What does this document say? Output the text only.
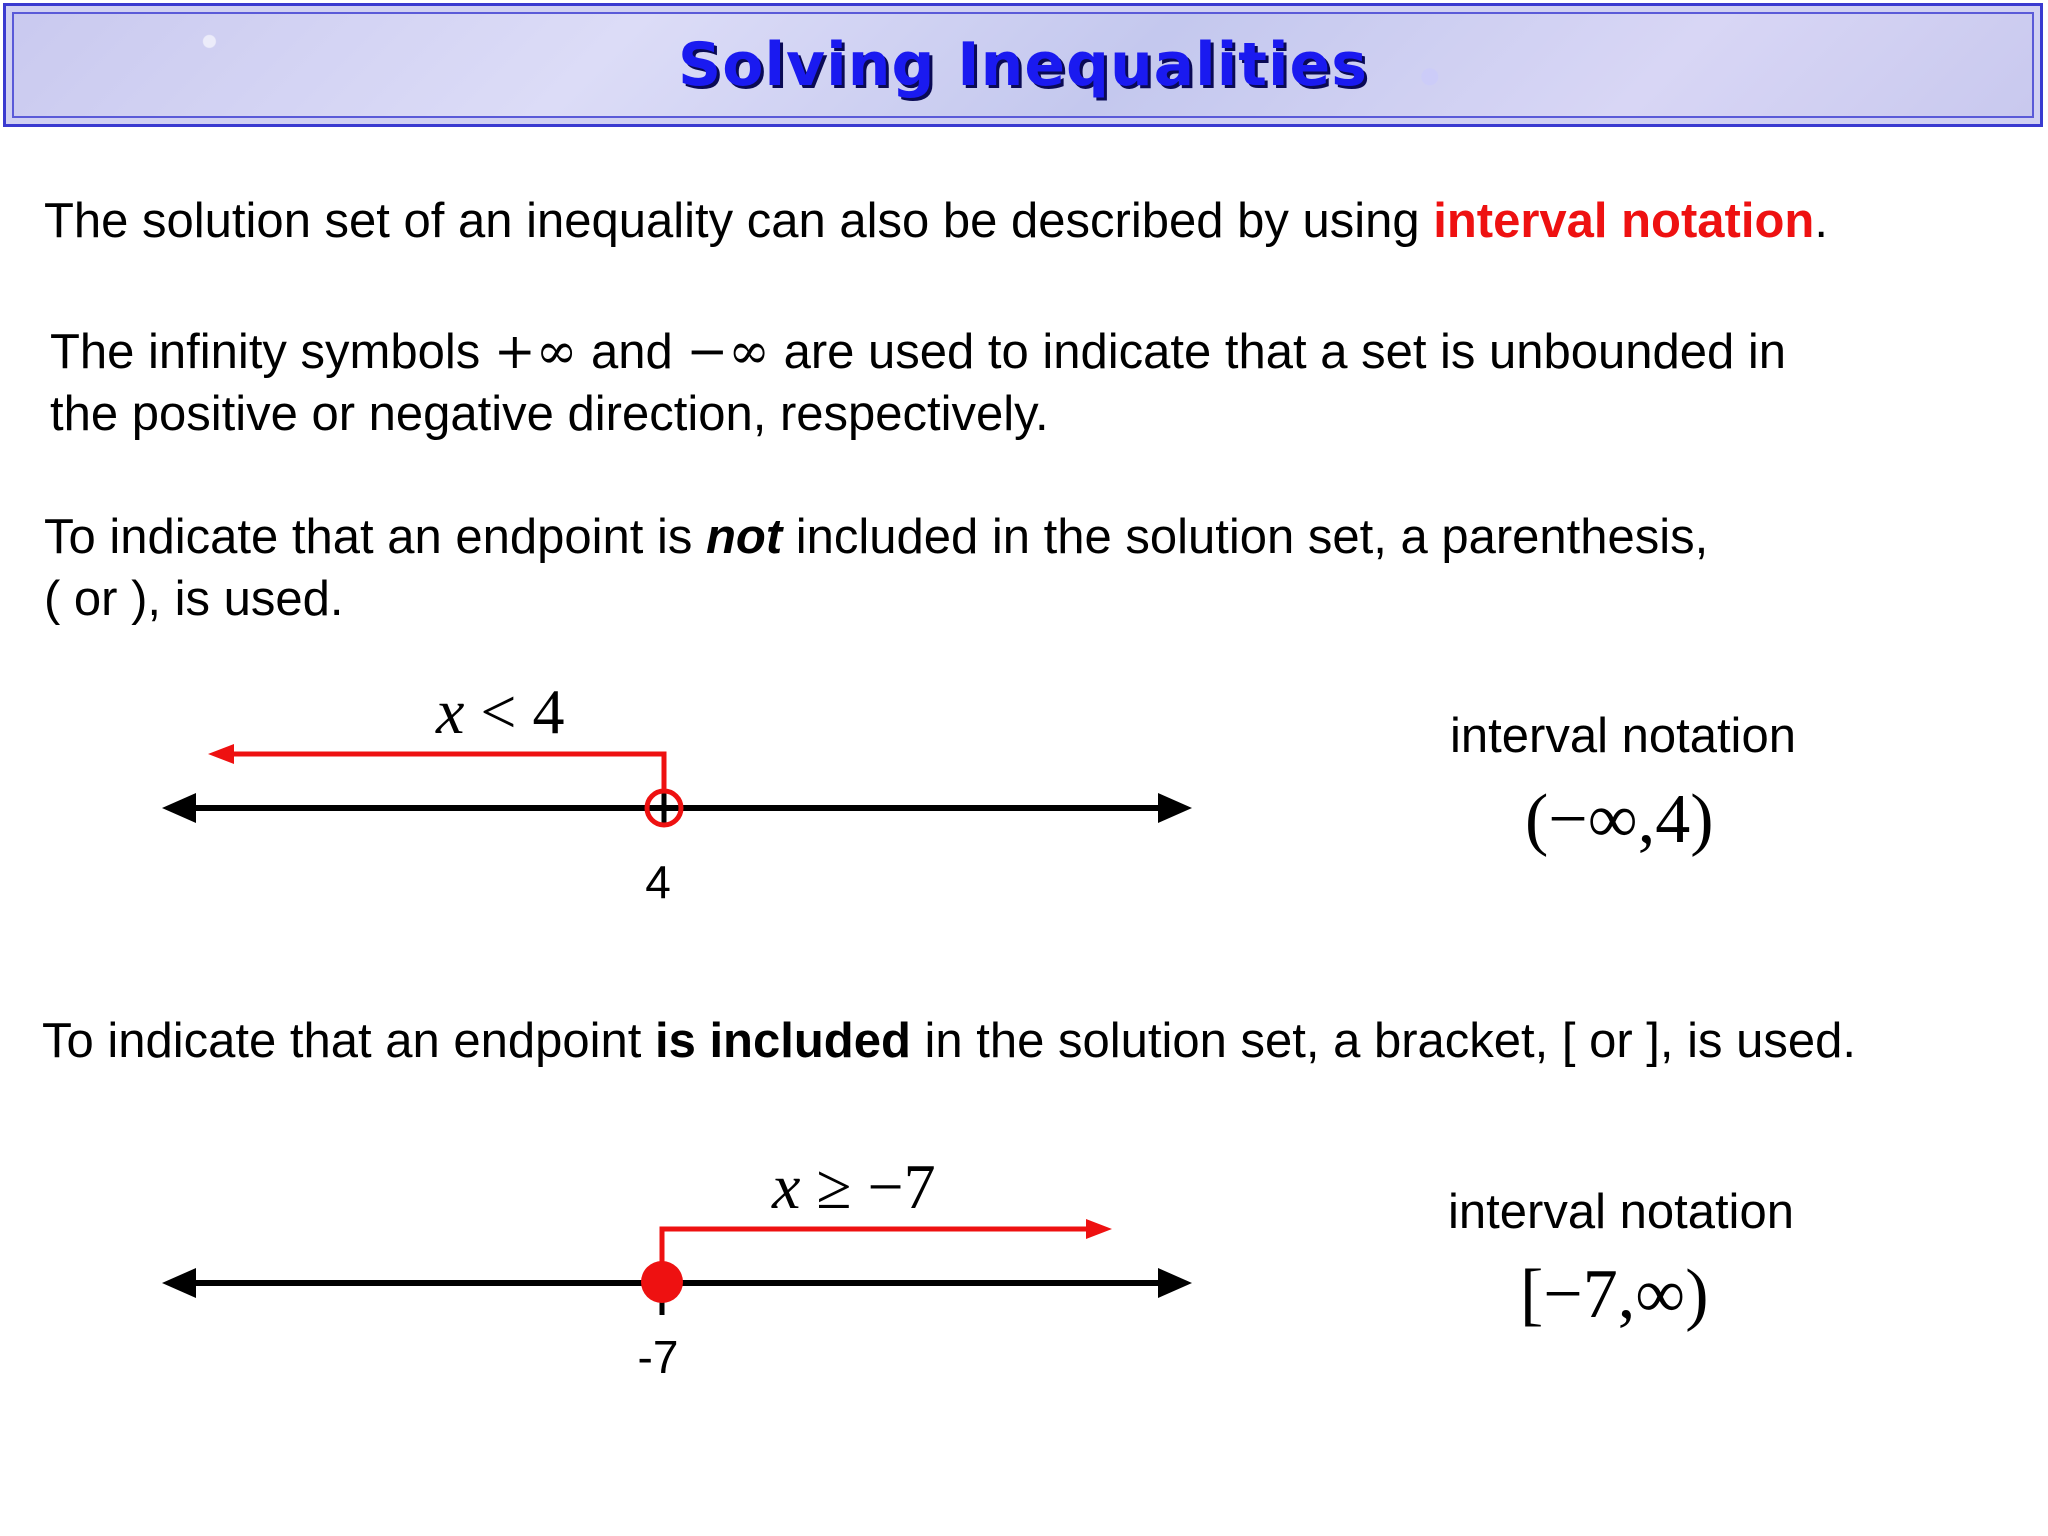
Solving Inequalities

The solution set of an inequality can also be described by using interval notation.

The infinity symbols +∞ and −∞ are used to indicate that a set is unbounded in
the positive or negative direction, respectively.

To indicate that an endpoint is not included in the solution set, a parenthesis,
( or ), is used.

x < 4
4
interval notation
(−∞,4)

To indicate that an endpoint is included in the solution set, a bracket, [ or ], is used.

x ≥ −7
-7
interval notation
[−7,∞)
